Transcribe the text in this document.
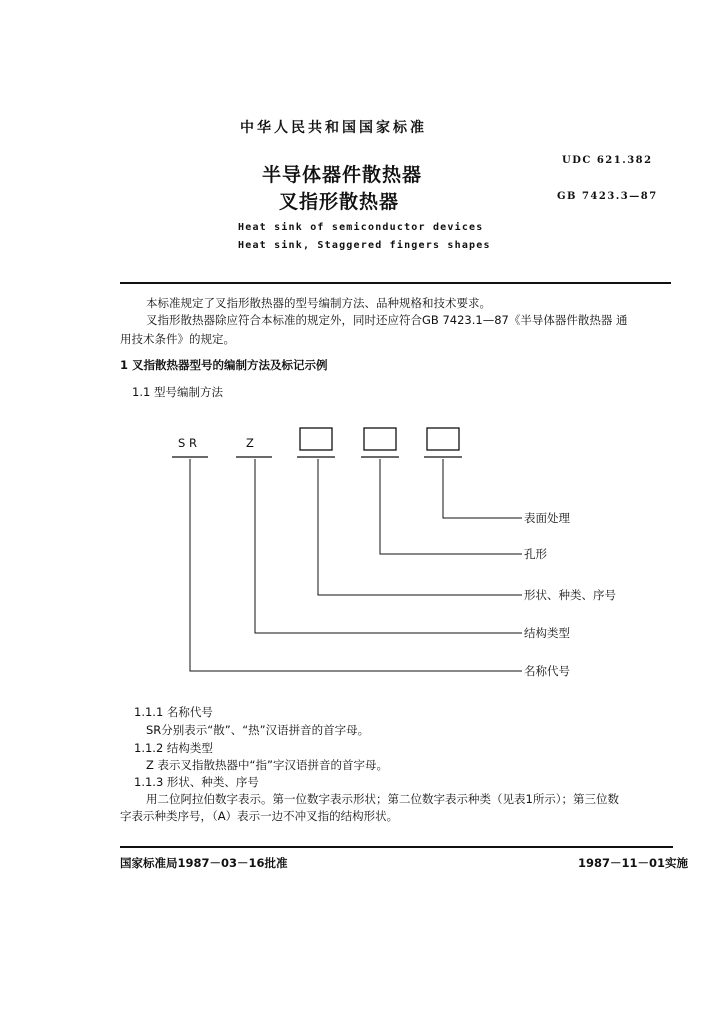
中华人民共和国国家标准
半导体器件散热器
叉指形散热器
UDC 621.382
GB 7423.3—87
Heat sink of semiconductor devices
Heat sink, Staggered fingers shapes
本标准规定了叉指形散热器的型号编制方法、品种规格和技术要求。
叉指形散热器除应符合本标准的规定外，同时还应符合GB 7423.1—87《半导体器件散热器 通
用技术条件》的规定。
1 叉指散热器型号的编制方法及标记示例
1.1 型号编制方法
S R	Z
表面处理
孔形
形状、种类、序号
结构类型
名称代号
1.1.1 名称代号
SR分别表示“散”、“热”汉语拼音的首字母。
1.1.2 结构类型
Z 表示叉指散热器中“指”字汉语拼音的首字母。
1.1.3 形状、种类、序号
用二位阿拉伯数字表示。第一位数字表示形状；第二位数字表示种类（见表1所示）；第三位数
字表示种类序号，（A）表示一边不冲叉指的结构形状。
国家标准局1987－03－16批准	1987－11－01实施
